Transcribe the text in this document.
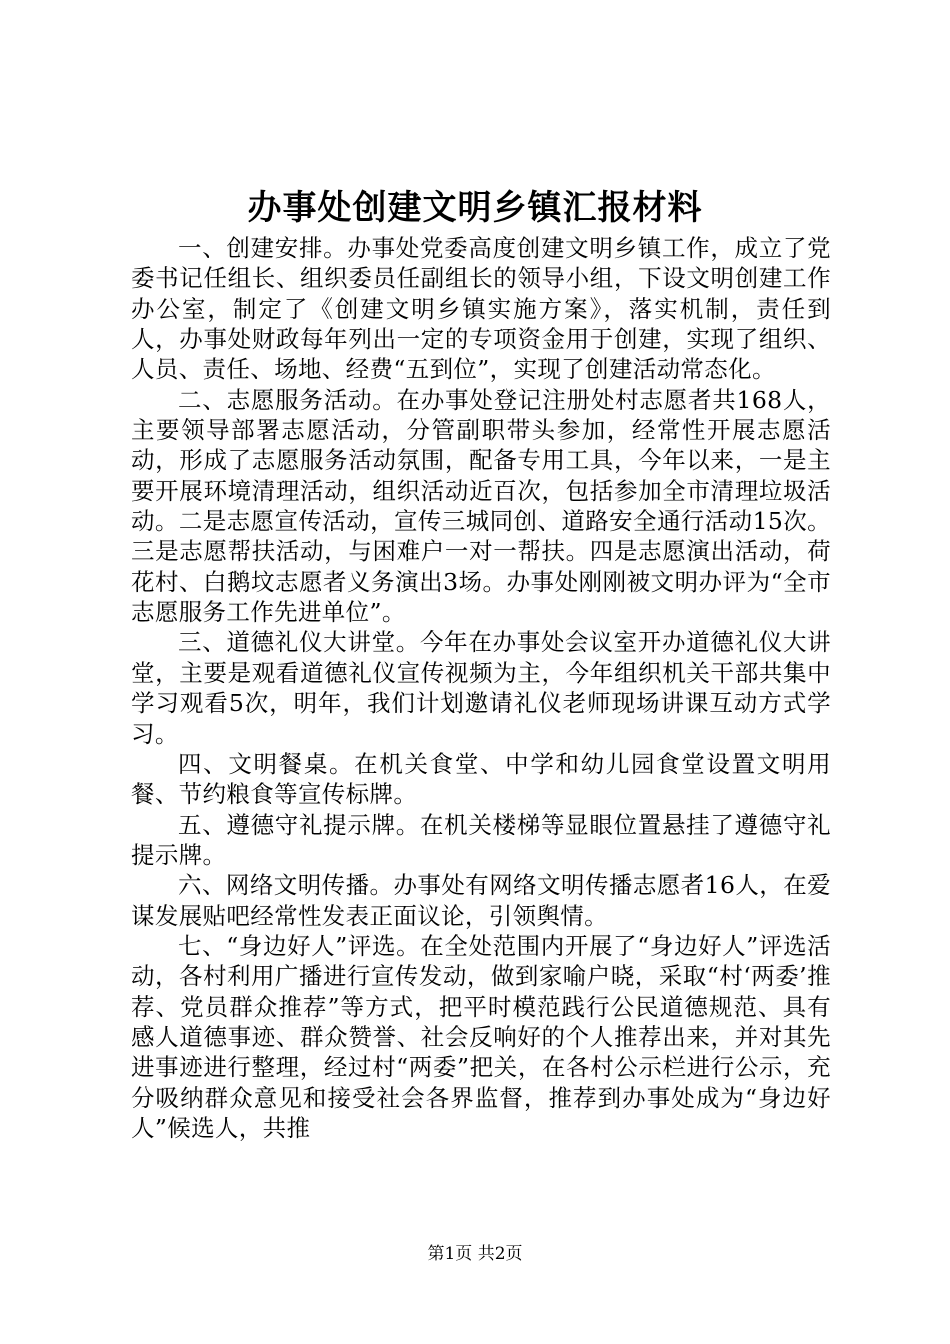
办事处创建文明乡镇汇报材料

一、创建安排。办事处党委高度创建文明乡镇工作，成立了党委书记任组长、组织委员任副组长的领导小组，下设文明创建工作办公室，制定了《创建文明乡镇实施方案》，落实机制，责任到人，办事处财政每年列出一定的专项资金用于创建，实现了组织、人员、责任、场地、经费“五到位”，实现了创建活动常态化。

二、志愿服务活动。在办事处登记注册处村志愿者共168人，主要领导部署志愿活动，分管副职带头参加，经常性开展志愿活动，形成了志愿服务活动氛围，配备专用工具，今年以来，一是主要开展环境清理活动，组织活动近百次，包括参加全市清理垃圾活动。二是志愿宣传活动，宣传三城同创、道路安全通行活动15次。三是志愿帮扶活动，与困难户一对一帮扶。四是志愿演出活动，荷花村、白鹅坟志愿者义务演出3场。办事处刚刚被文明办评为“全市志愿服务工作先进单位”。

三、道德礼仪大讲堂。今年在办事处会议室开办道德礼仪大讲堂，主要是观看道德礼仪宣传视频为主，今年组织机关干部共集中学习观看5次，明年，我们计划邀请礼仪老师现场讲课互动方式学习。

四、文明餐桌。在机关食堂、中学和幼儿园食堂设置文明用餐、节约粮食等宣传标牌。

五、遵德守礼提示牌。在机关楼梯等显眼位置悬挂了遵德守礼提示牌。

六、网络文明传播。办事处有网络文明传播志愿者16人，在爱谋发展贴吧经常性发表正面议论，引领舆情。

七、“身边好人”评选。在全处范围内开展了“身边好人”评选活动，各村利用广播进行宣传发动，做到家喻户晓，采取“村‘两委’推荐、党员群众推荐”等方式，把平时模范践行公民道德规范、具有感人道德事迹、群众赞誉、社会反响好的个人推荐出来，并对其先进事迹进行整理，经过村“两委”把关，在各村公示栏进行公示，充分吸纳群众意见和接受社会各界监督，推荐到办事处成为“身边好人”候选人，共推

第1页 共2页
